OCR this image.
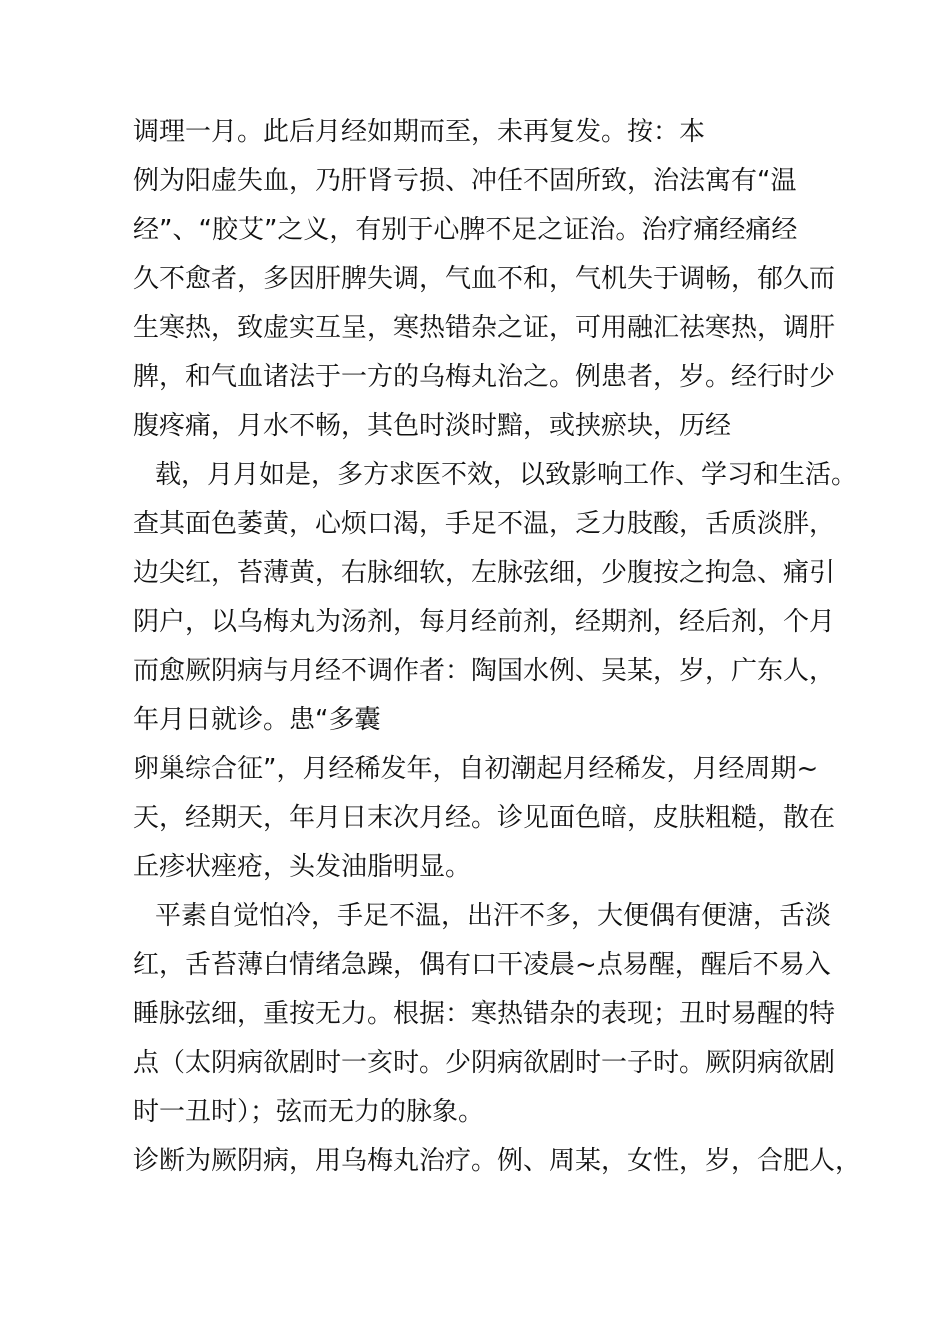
调理一月。此后月经如期而至，未再复发。按：本
例为阳虚失血，乃肝肾亏损、冲任不固所致，治法寓有“温
经”、“胶艾”之义，有别于心脾不足之证治。治疗痛经痛经
久不愈者，多因肝脾失调，气血不和，气机失于调畅，郁久而
生寒热，致虚实互呈，寒热错杂之证，可用融汇祛寒热，调肝
脾，和气血诸法于一方的乌梅丸治之。例患者，岁。经行时少
腹疼痛，月水不畅，其色时淡时黯，或挟瘀块，历经
载，月月如是，多方求医不效，以致影响工作、学习和生活。
查其面色萎黄，心烦口渴，手足不温，乏力肢酸，舌质淡胖，
边尖红，苔薄黄，右脉细软，左脉弦细，少腹按之拘急、痛引
阴户，以乌梅丸为汤剂，每月经前剂，经期剂，经后剂，个月
而愈厥阴病与月经不调作者：陶国水例、吴某，岁，广东人，
年月日就诊。患“多囊
卵巢综合征”，月经稀发年，自初潮起月经稀发，月经周期~
天，经期天，年月日末次月经。诊见面色暗，皮肤粗糙，散在
丘疹状痤疮，头发油脂明显。
平素自觉怕冷，手足不温，出汗不多，大便偶有便溏，舌淡
红，舌苔薄白情绪急躁，偶有口干凌晨~点易醒，醒后不易入
睡脉弦细，重按无力。根据：寒热错杂的表现；丑时易醒的特
点（太阴病欲剧时一亥时。少阴病欲剧时一子时。厥阴病欲剧
时一丑时）；弦而无力的脉象。
诊断为厥阴病，用乌梅丸治疗。例、周某，女性，岁，合肥人，
